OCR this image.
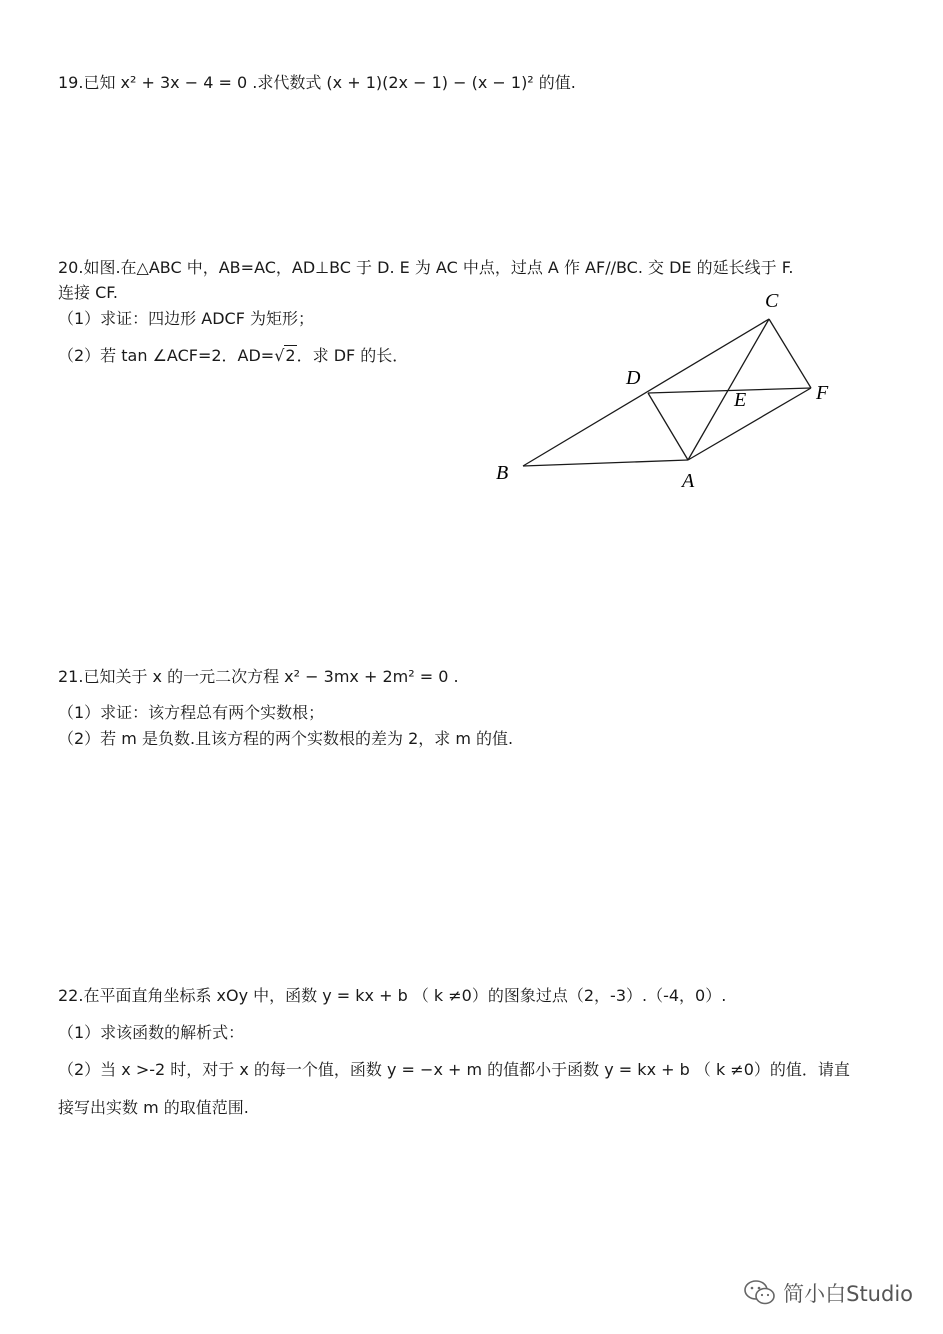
19.已知 x² + 3x − 4 = 0 .求代数式 (x + 1)(2x − 1) − (x − 1)² 的值.
20.如图.在△ABC 中，AB=AC，AD⊥BC 于 D. E 为 AC 中点，过点 A 作 AF//BC. 交 DE 的延长线于 F.
连接 CF.
（1）求证：四边形 ADCF 为矩形；
（2）若 tan ∠ACF=2．AD=√2．求 DF 的长．
C
D
E	F
B	A
21.已知关于 x 的一元二次方程 x² − 3mx + 2m² = 0 .
（1）求证：该方程总有两个实数根；
（2）若 m 是负数.且该方程的两个实数根的差为 2，求 m 的值.
22.在平面直角坐标系 xOy 中，函数 y = kx + b （ k ≠0）的图象过点（2，-3）.（-4，0）.
（1）求该函数的解析式：
（2）当 x >-2 时，对于 x 的每一个值，函数 y = −x + m 的值都小于函数 y = kx + b （ k ≠0）的值．请直
接写出实数 m 的取值范围.
简小白Studio
